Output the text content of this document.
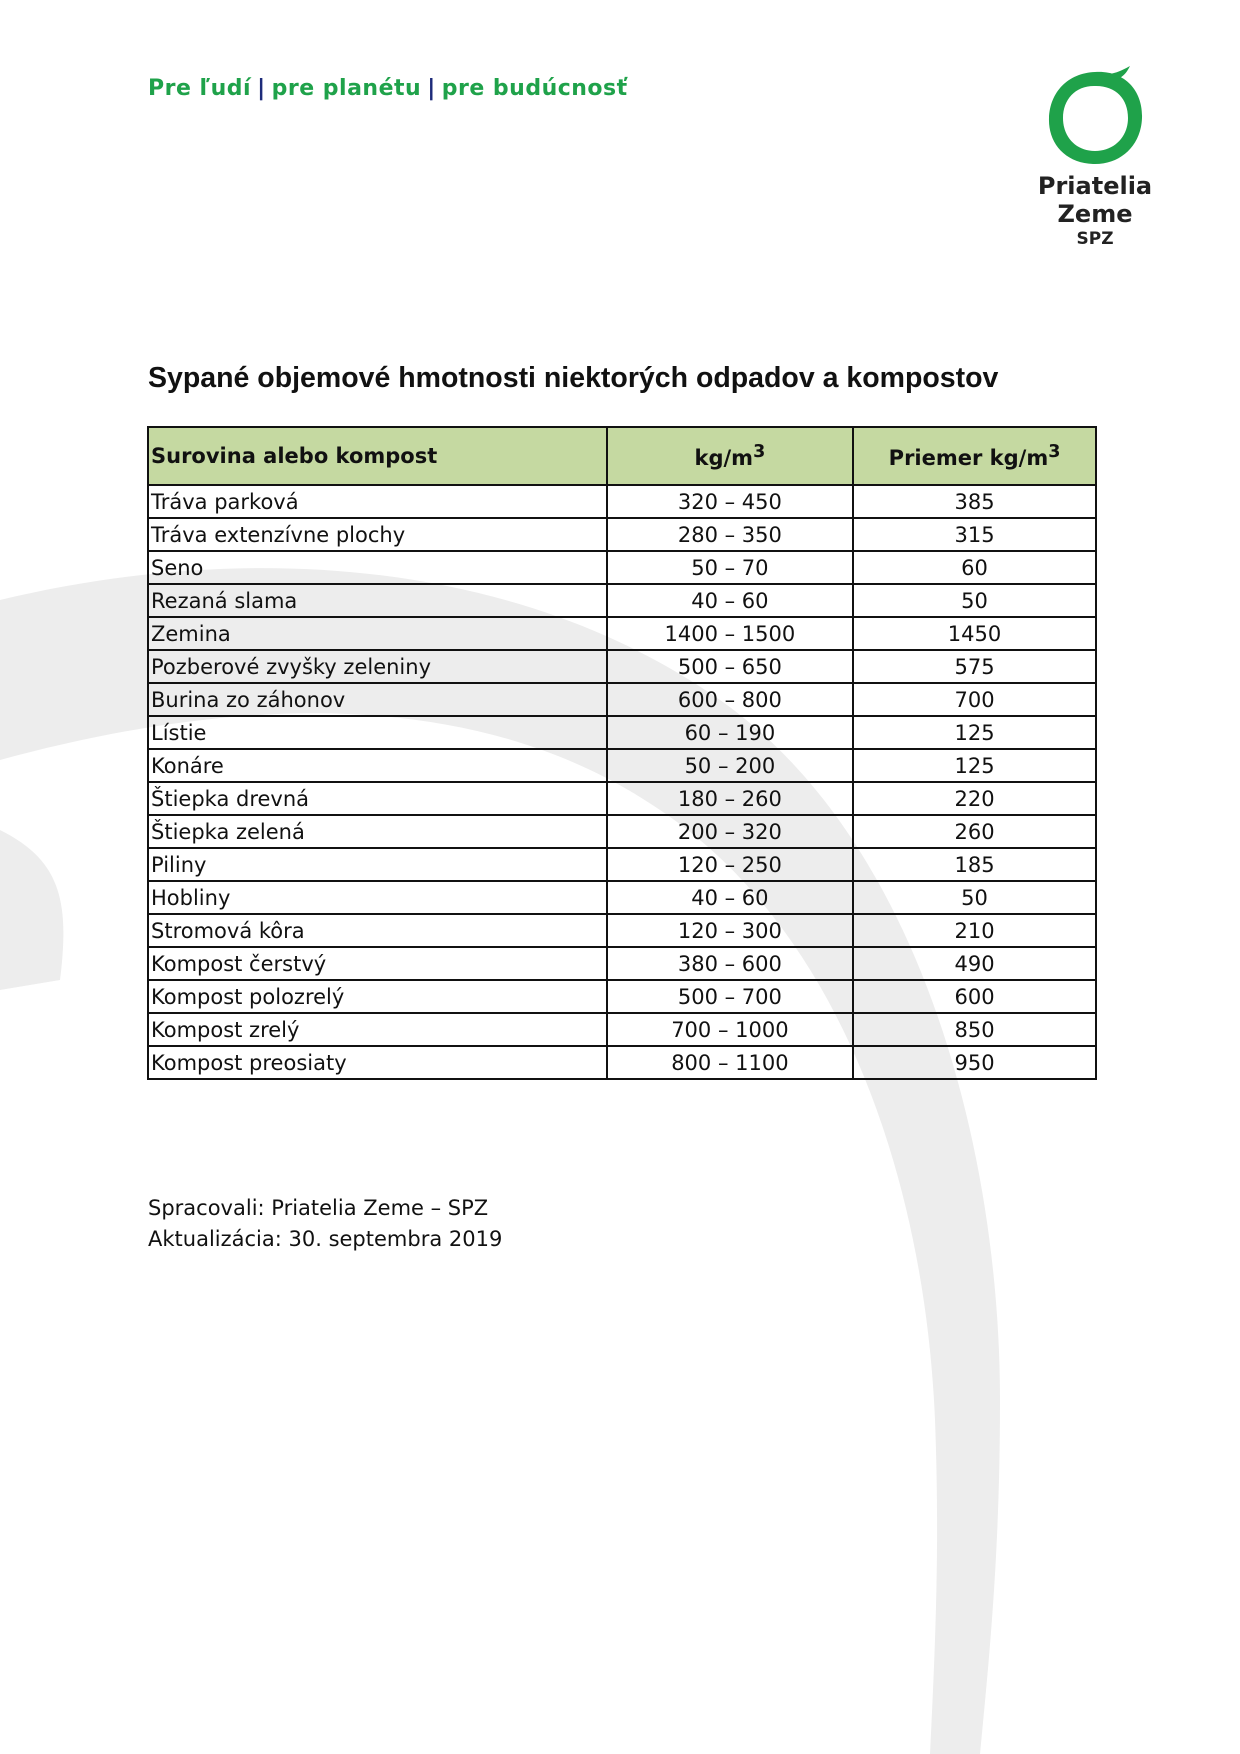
Pre ľudí | pre planétu | pre budúcnosť
Priatelia
Zeme
SPZ
Sypané objemové hmotnosti niektorých odpadov a kompostov
Surovina alebo kompost	$kg/m^3$	Priemer $kg/m^3$
Tráva parková	320 – 450	385
Tráva extenzívne plochy	280 – 350	315
Seno	50 – 70	60
Rezaná slama	40 – 60	50
Zemina	1400 – 1500	1450
Pozberové zvyšky zeleniny	500 – 650	575
Burina zo záhonov	600 – 800	700
Lístie	60 – 190	125
Konáre	50 – 200	125
Štiepka drevná	180 – 260	220
Štiepka zelená	200 – 320	260
Piliny	120 – 250	185
Hobliny	40 – 60	50
Stromová kôra	120 – 300	210
Kompost čerstvý	380 – 600	490
Kompost polozrelý	500 – 700	600
Kompost zrelý	700 – 1000	850
Kompost preosiaty	800 – 1100	950
Spracovali: Priatelia Zeme – SPZ
Aktualizácia: 30. septembra 2019
